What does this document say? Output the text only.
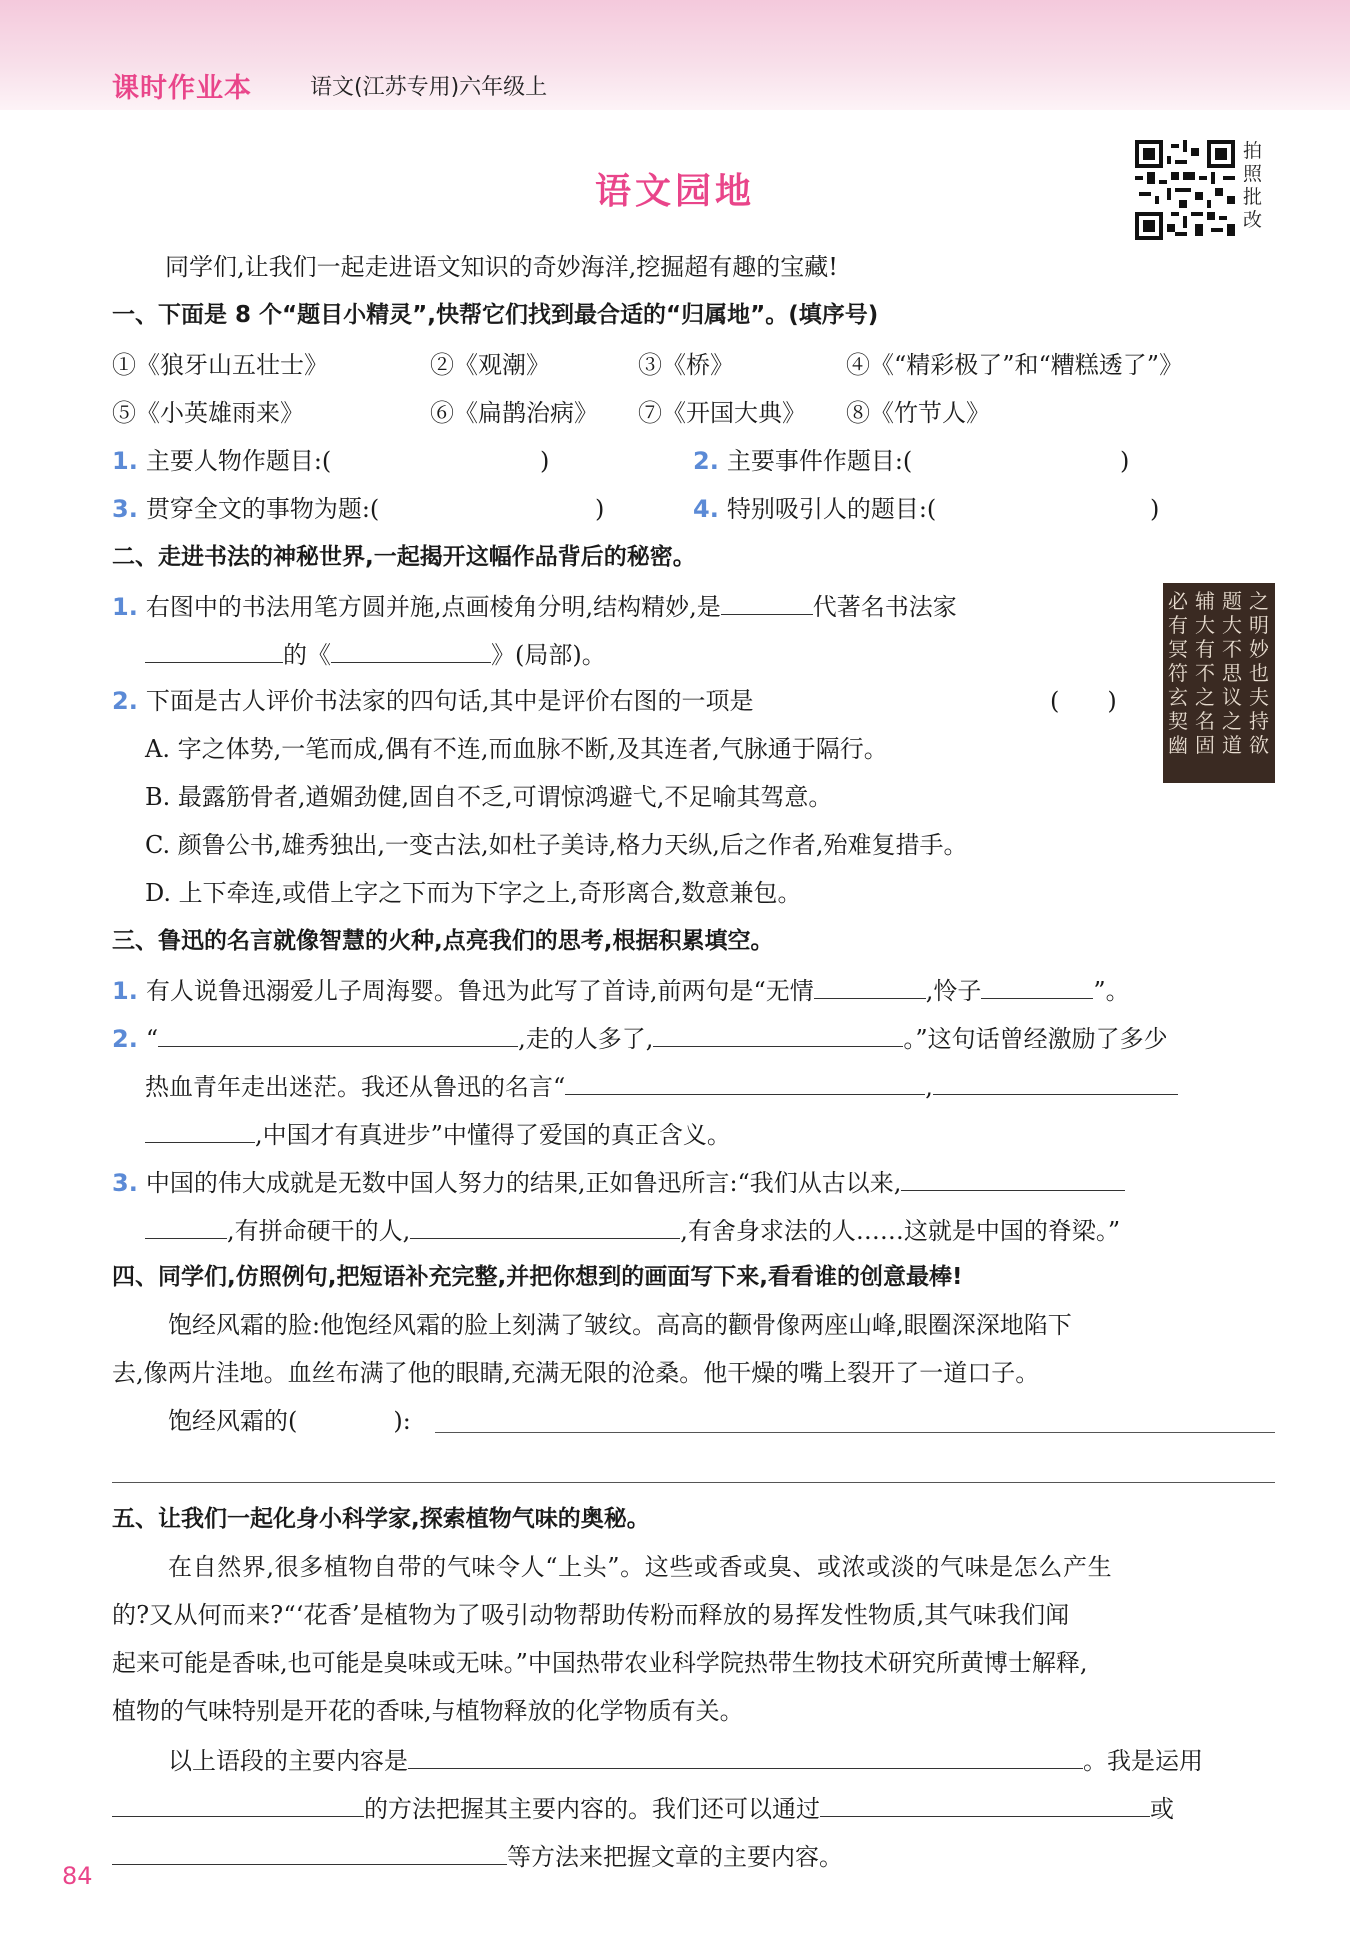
课时作业本	语文(江苏专用)六年级上
语文园地
拍照批改
同学们,让我们一起走进语文知识的奇妙海洋,挖掘超有趣的宝藏!
一、下面是 8 个“题目小精灵”,快帮它们找到最合适的“归属地”。(填序号)
①《狼牙山五壮士》	②《观潮》	③《桥》	④《“精彩极了”和“糟糕透了”》
⑤《小英雄雨来》	⑥《扁鹊治病》 ⑦《开国大典》 ⑧《竹节人》
1. 主要人物作题目:(	)	2. 主要事件作题目:(	)
3. 贯穿全文的事物为题:(	)	4. 特别吸引人的题目:(	)
二、走进书法的神秘世界,一起揭开这幅作品背后的秘密。
1. 右图中的书法用笔方圆并施,点画棱角分明,结构精妙,是	代著名书法家
的《	》(局部)。
2. 下面是古人评价书法家的四句话,其中是评价右图的一项是	(　　)
A. 字之体势,一笔而成,偶有不连,而血脉不断,及其连者,气脉通于隔行。
B. 最露筋骨者,遒媚劲健,固自不乏,可谓惊鸿避弋,不足喻其驾意。
C. 颜鲁公书,雄秀独出,一变古法,如杜子美诗,格力天纵,后之作者,殆难复措手。
D. 上下牵连,或借上字之下而为下字之上,奇形离合,数意兼包。
必有冥符玄契幽
辅大有不之名固
题大不思议之道
之明妙也夫持欲
三、鲁迅的名言就像智慧的火种,点亮我们的思考,根据积累填空。
1. 有人说鲁迅溺爱儿子周海婴。鲁迅为此写了首诗,前两句是“无情	,怜子	”。
2. “	,走的人多了,	。”这句话曾经激励了多少
热血青年走出迷茫。我还从鲁迅的名言“	,
,中国才有真进步”中懂得了爱国的真正含义。
3. 中国的伟大成就是无数中国人努力的结果,正如鲁迅所言:“我们从古以来,
,有拼命硬干的人,	,有舍身求法的人……这就是中国的脊梁。”
四、同学们,仿照例句,把短语补充完整,并把你想到的画面写下来,看看谁的创意最棒!
饱经风霜的脸:他饱经风霜的脸上刻满了皱纹。高高的颧骨像两座山峰,眼圈深深地陷下
去,像两片洼地。血丝布满了他的眼睛,充满无限的沧桑。他干燥的嘴上裂开了一道口子。
饱经风霜的(　　　　):
五、让我们一起化身小科学家,探索植物气味的奥秘。
在自然界,很多植物自带的气味令人“上头”。这些或香或臭、或浓或淡的气味是怎么产生
的?又从何而来?“‘花香’是植物为了吸引动物帮助传粉而释放的易挥发性物质,其气味我们闻
起来可能是香味,也可能是臭味或无味。”中国热带农业科学院热带生物技术研究所黄博士解释,
植物的气味特别是开花的香味,与植物释放的化学物质有关。
以上语段的主要内容是	。我是运用
的方法把握其主要内容的。我们还可以通过	或
等方法来把握文章的主要内容。
84
